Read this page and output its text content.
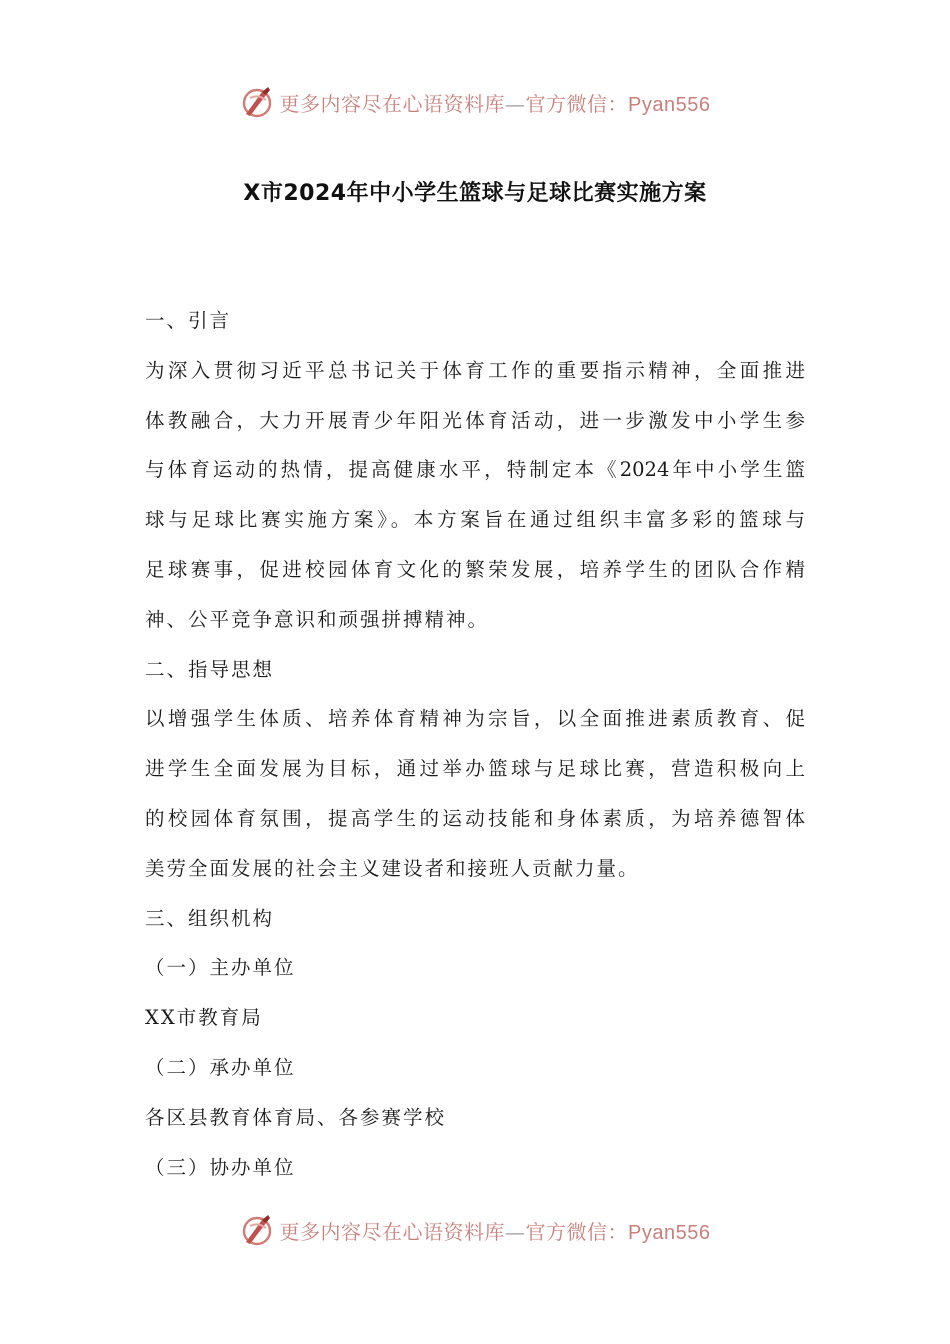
更多内容尽在心语资料库—官方微信：Pyan556
X市2024年中小学生篮球与足球比赛实施方案
一、引言
为深入贯彻习近平总书记关于体育工作的重要指示精神，全面推进
体教融合，大力开展青少年阳光体育活动，进一步激发中小学生参
与体育运动的热情，提高健康水平，特制定本《2024年中小学生篮
球与足球比赛实施方案》。本方案旨在通过组织丰富多彩的篮球与
足球赛事，促进校园体育文化的繁荣发展，培养学生的团队合作精
神、公平竞争意识和顽强拼搏精神。
二、指导思想
以增强学生体质、培养体育精神为宗旨，以全面推进素质教育、促
进学生全面发展为目标，通过举办篮球与足球比赛，营造积极向上
的校园体育氛围，提高学生的运动技能和身体素质，为培养德智体
美劳全面发展的社会主义建设者和接班人贡献力量。
三、组织机构
（一）主办单位
XX市教育局
（二）承办单位
各区县教育体育局、各参赛学校
（三）协办单位
更多内容尽在心语资料库—官方微信：Pyan556
